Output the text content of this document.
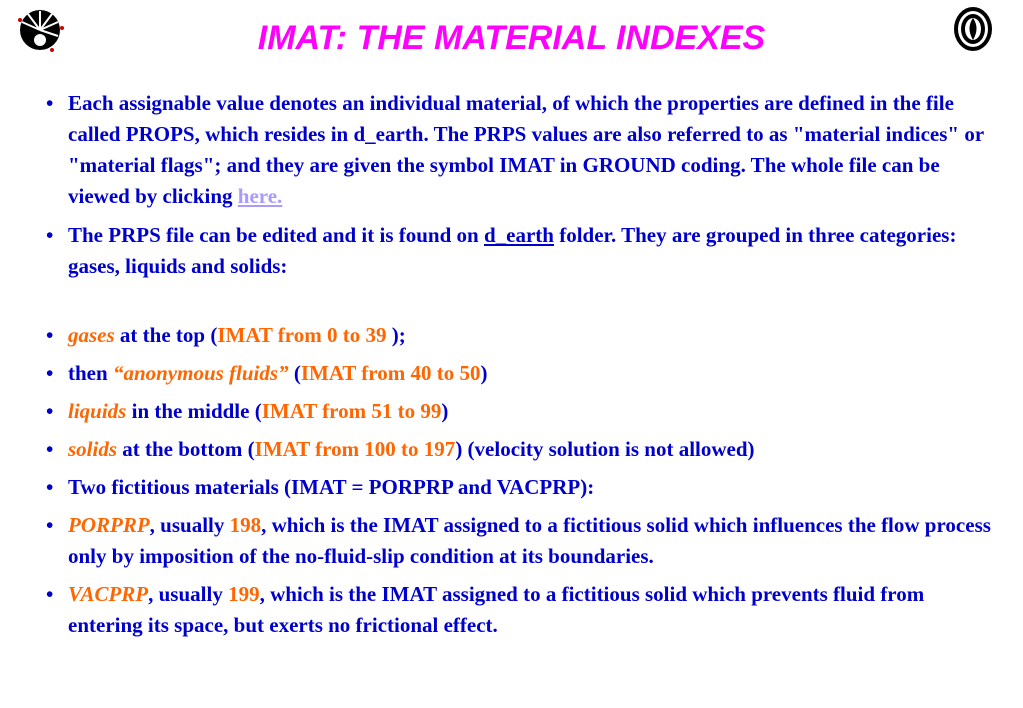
IMAT: THE MATERIAL INDEXES

• Each assignable value denotes an individual material, of which the properties are defined in the file called PROPS, which resides in d_earth. The PRPS values are also referred to as "material indices" or "material flags"; and they are given the symbol IMAT in GROUND coding. The whole file can be viewed by clicking here.

• The PRPS file can be edited and it is found on d_earth folder. They are grouped in three categories: gases, liquids and solids:

• gases at the top (IMAT from 0 to 39 );

• then “anonymous fluids” (IMAT from 40 to 50)

• liquids in the middle (IMAT from 51 to 99)

• solids at the bottom (IMAT from 100 to 197) (velocity solution is not allowed)

• Two fictitious materials (IMAT = PORPRP and VACPRP):

• PORPRP, usually 198, which is the IMAT assigned to a fictitious solid which influences the flow process only by imposition of the no-fluid-slip condition at its boundaries.

• VACPRP, usually 199, which is the IMAT assigned to a fictitious solid which prevents fluid from entering its space, but exerts no frictional effect.
